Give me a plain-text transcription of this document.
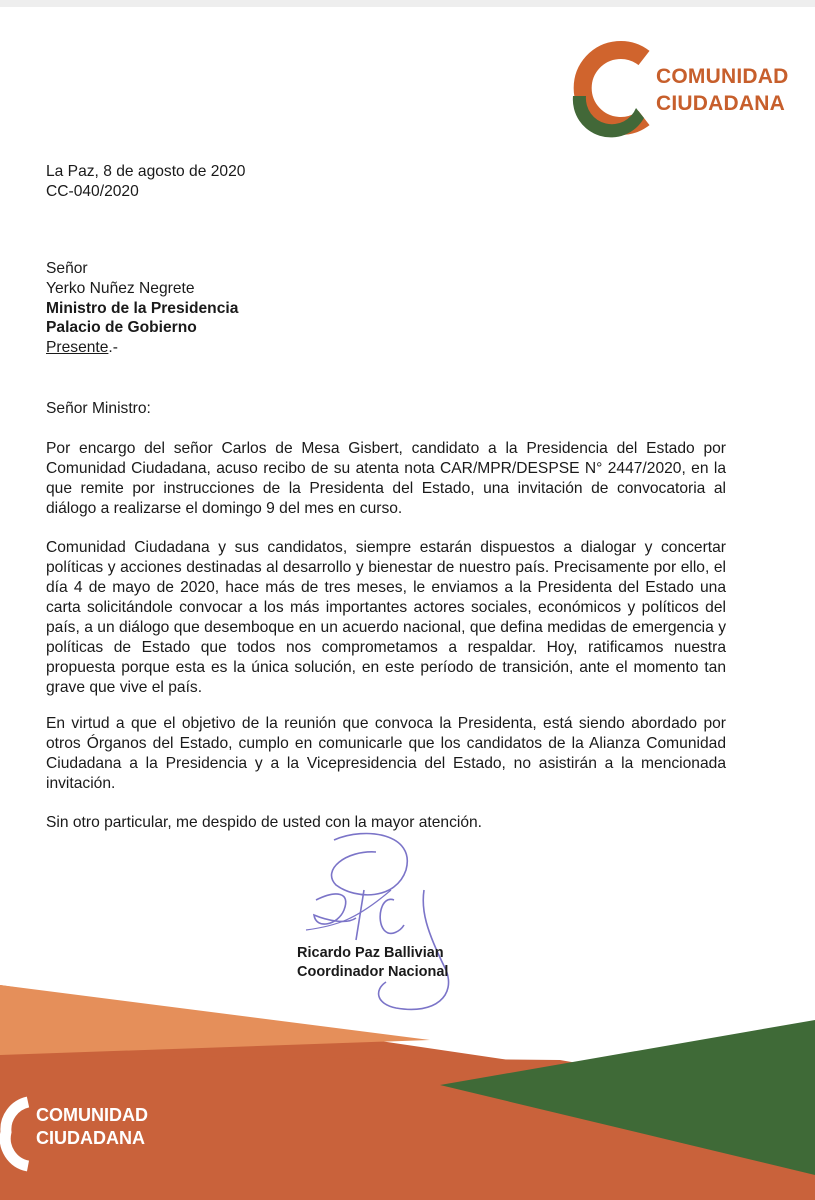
COMUNIDAD
CIUDADANA
La Paz, 8 de agosto de 2020
CC-040/2020
Señor
Yerko Nuñez Negrete
Ministro de la Presidencia
Palacio de Gobierno
Presente.-
Señor Ministro:
Por encargo del señor Carlos de Mesa Gisbert, candidato a la Presidencia del Estado por Comunidad Ciudadana, acuso recibo de su atenta nota CAR/MPR/DESPSE N° 2447/2020, en la que remite por instrucciones de la Presidenta del Estado, una invitación de convocatoria al diálogo a realizarse el domingo 9 del mes en curso.
Comunidad Ciudadana y sus candidatos, siempre estarán dispuestos a dialogar y concertar políticas y acciones destinadas al desarrollo y bienestar de nuestro país. Precisamente por ello, el día 4 de mayo de 2020, hace más de tres meses, le enviamos a la Presidenta del Estado una carta solicitándole convocar a los más importantes actores sociales, económicos y políticos del país, a un diálogo que desemboque en un acuerdo nacional, que defina medidas de emergencia y políticas de Estado que todos nos comprometamos a respaldar. Hoy, ratificamos nuestra propuesta porque esta es la única solución, en este período de transición, ante el momento tan grave que vive el país.
En virtud a que el objetivo de la reunión que convoca la Presidenta, está siendo abordado por otros Órganos del Estado, cumplo en comunicarle que los candidatos de la Alianza Comunidad Ciudadana a la Presidencia y a la Vicepresidencia del Estado, no asistirán a la mencionada invitación.
Sin otro particular, me despido de usted con la mayor atención.
Ricardo Paz Ballivian
Coordinador Nacional
COMUNIDAD
CIUDADANA
